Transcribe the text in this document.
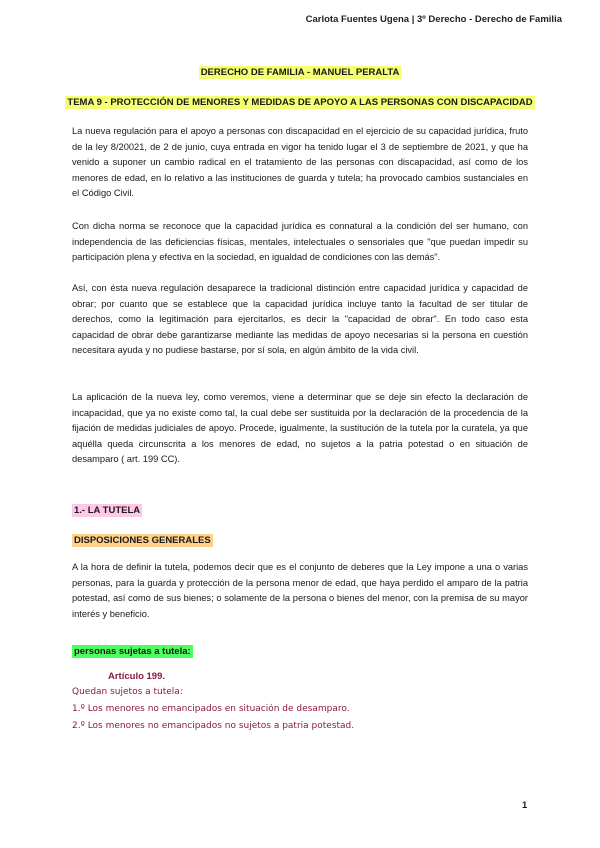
Carlota Fuentes Ugena | 3º Derecho - Derecho de Familia
DERECHO DE FAMILIA - MANUEL PERALTA
TEMA 9 - PROTECCIÓN DE MENORES Y MEDIDAS DE APOYO A LAS PERSONAS CON DISCAPACIDAD

La nueva regulación para el apoyo a personas con discapacidad en el ejercicio de su capacidad jurídica, fruto de la ley 8/20021, de 2 de junio, cuya entrada en vigor ha tenido lugar el 3 de septiembre de 2021, y que ha venido a suponer un cambio radical en el tratamiento de las personas con discapacidad, así como de los menores de edad, en lo relativo a las instituciones de guarda y tutela; ha provocado cambios sustanciales en el Código Civil.

Con dicha norma se reconoce que la capacidad jurídica es connatural a la condición del ser humano, con independencia de las deficiencias físicas, mentales, intelectuales o sensoriales que "que puedan impedir su participación plena y efectiva en la sociedad, en igualdad de condiciones con las demás".

Así, con ésta nueva regulación desaparece la tradicional distinción entre capacidad jurídica y capacidad de obrar; por cuanto que se establece que la capacidad jurídica incluye tanto la facultad de ser titular de derechos, como la legitimación para ejercitarlos, es decir la "capacidad de obrar". En todo caso esta capacidad de obrar debe garantizarse mediante las medidas de apoyo necesarias si la persona en cuestión necesitara ayuda y no pudiese bastarse, por sí sola, en algún ámbito de la vida civil.

La aplicación de la nueva ley, como veremos, viene a determinar que se deje sin efecto la declaración de incapacidad, que ya no existe como tal, la cual debe ser sustituida por la declaración de la procedencia de la fijación de medidas judiciales de apoyo. Procede, igualmente, la sustitución de la tutela por la curatela, ya que aquélla queda circunscrita a los menores de edad, no sujetos a la patria potestad o en situación de desamparo ( art. 199 CC).

1.- LA TUTELA
DISPOSICIONES GENERALES

A la hora de definir la tutela, podemos decir que es el conjunto de deberes que la Ley impone a una o varias personas, para la guarda y protección de la persona menor de edad, que haya perdido el amparo de la patria potestad, así como de sus bienes; o solamente de la persona o bienes del menor, con la premisa de su mayor interés y beneficio.

personas sujetas a tutela:
Artículo 199.
Quedan sujetos a tutela:
1.º Los menores no emancipados en situación de desamparo.
2.º Los menores no emancipados no sujetos a patria potestad.
1
